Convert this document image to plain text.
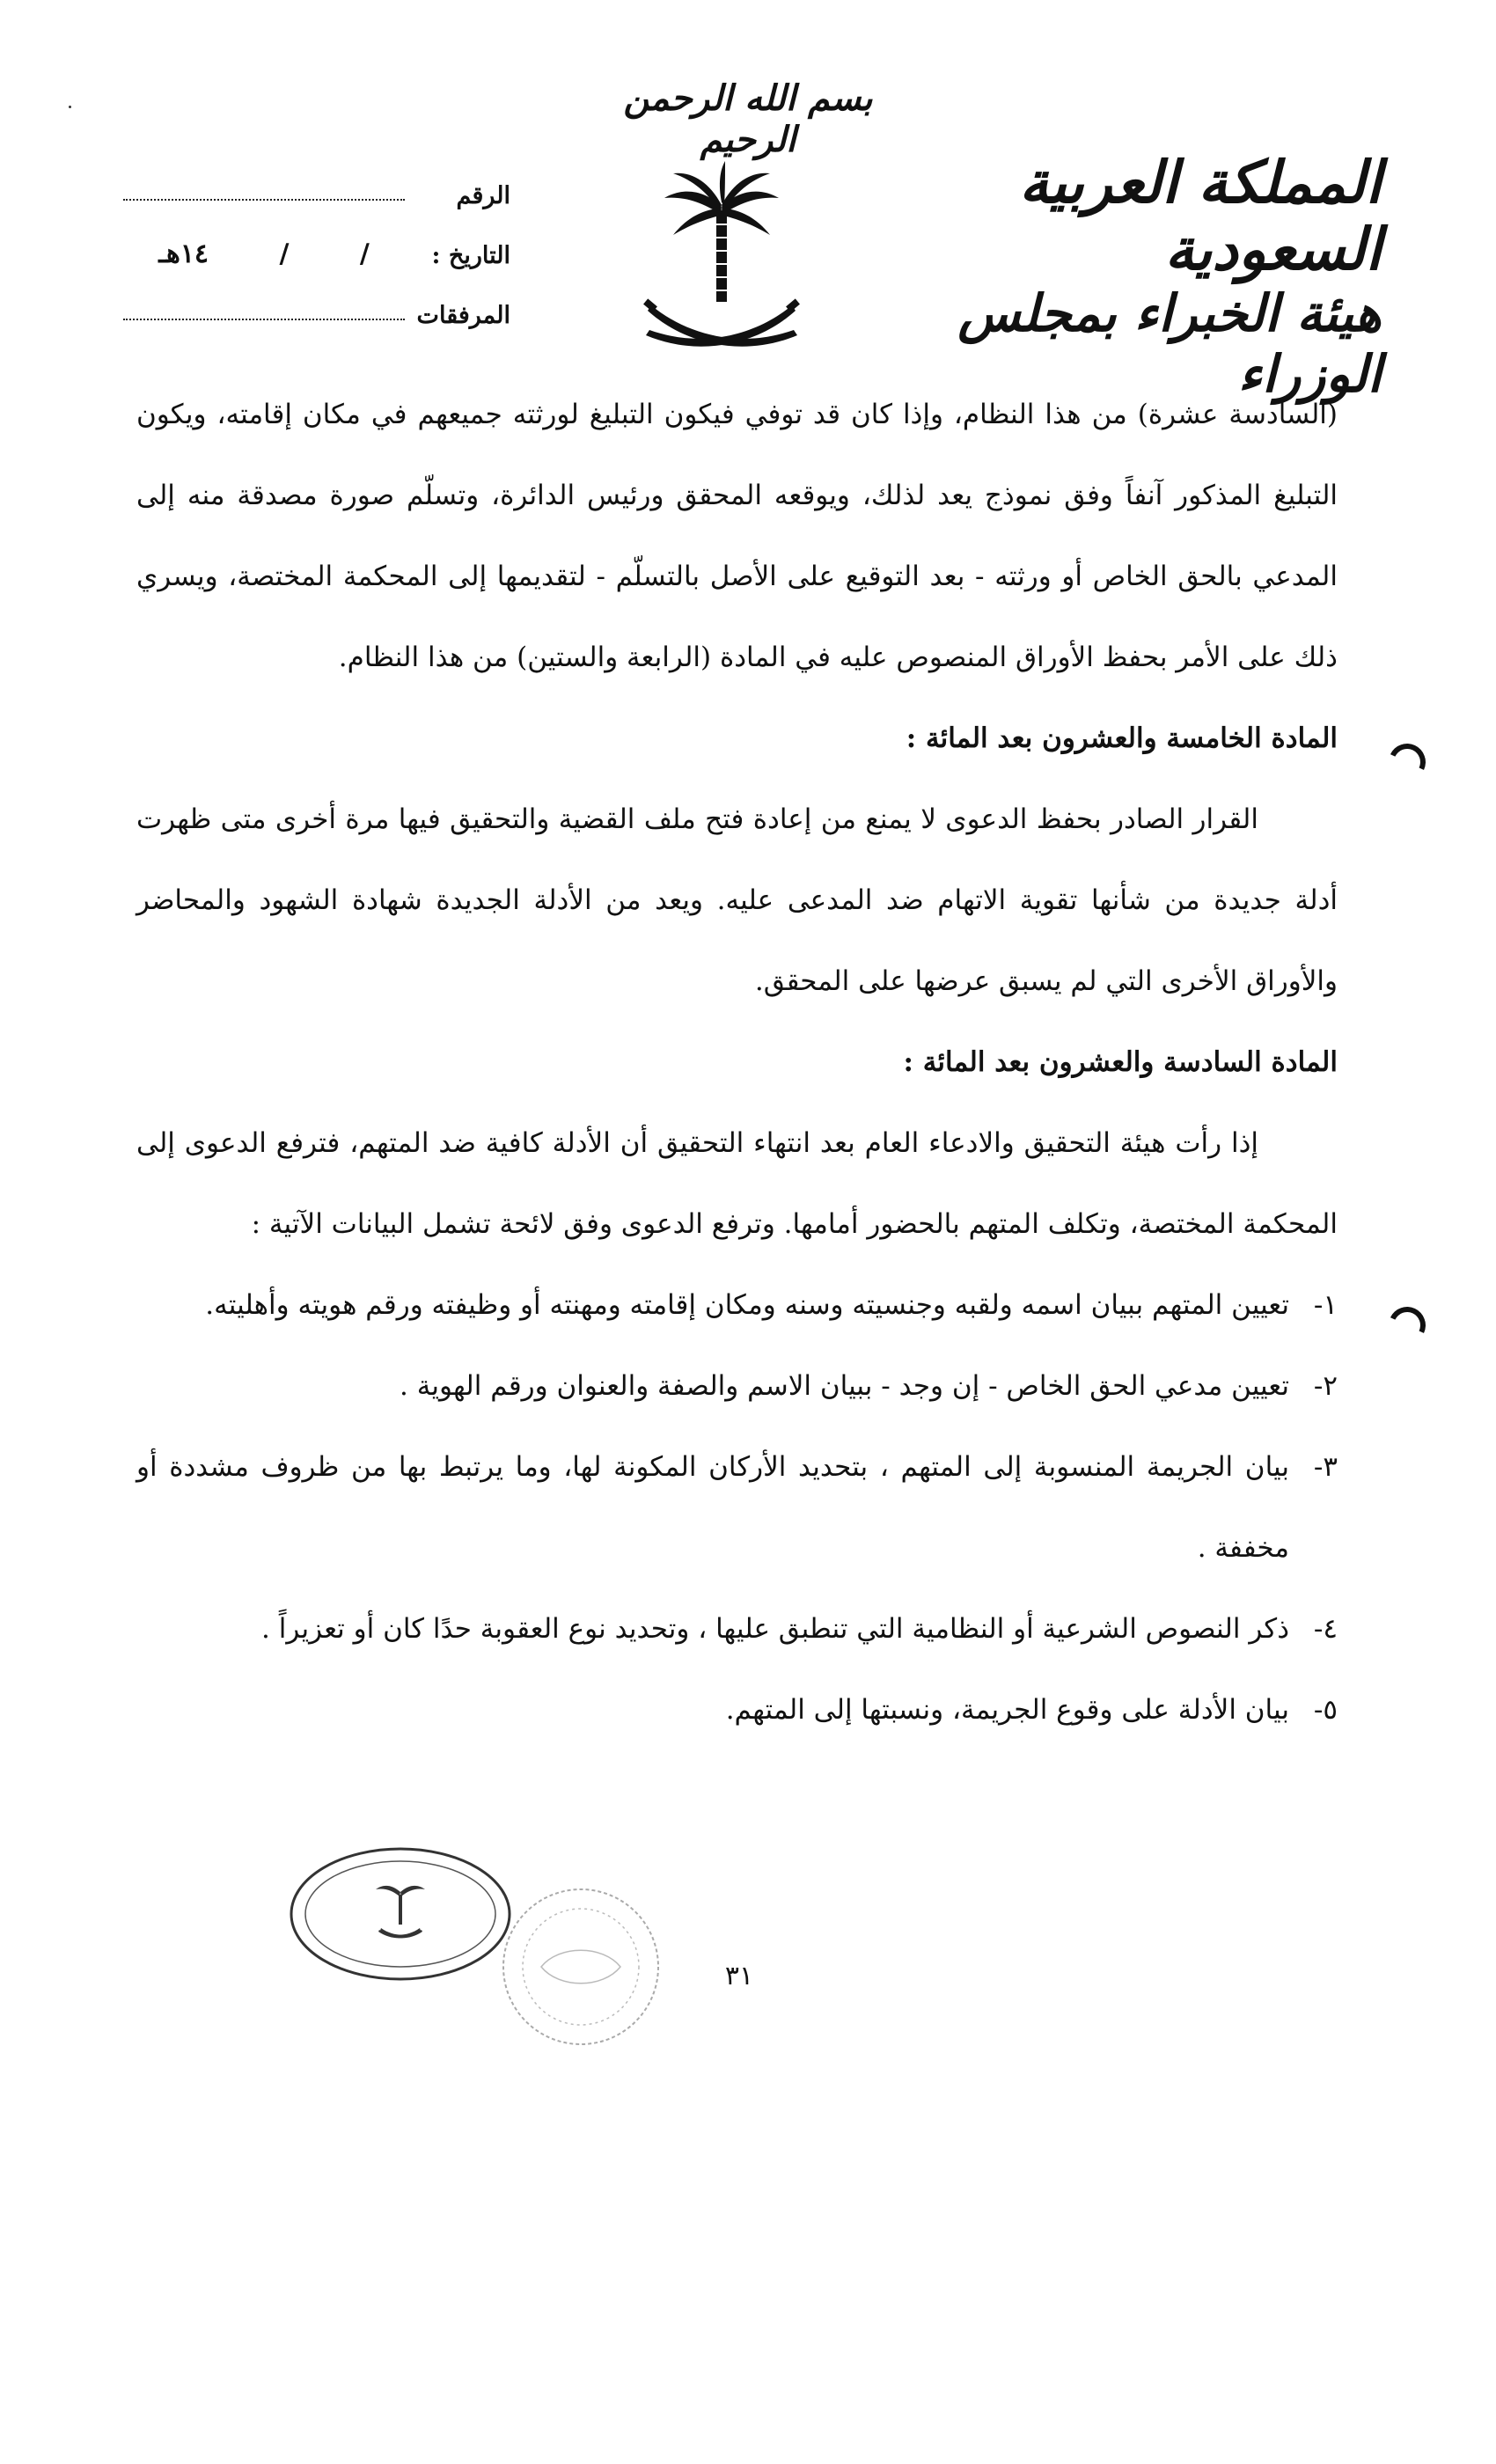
بسم الله الرحمن الرحيم
المملكة العربية السعودية
هيئة الخبراء بمجلس الوزراء
الرقم
التاريخ :
/
/
١٤هـ
المرفقات

(السادسة عشرة) من هذا النظام، وإذا كان قد توفي فيكون التبليغ لورثته جميعهم في مكان إقامته، ويكون التبليغ المذكور آنفاً وفق نموذج يعد لذلك، ويوقعه المحقق ورئيس الدائرة، وتسلّم صورة مصدقة منه إلى المدعي بالحق الخاص أو ورثته - بعد التوقيع على الأصل بالتسلّم - لتقديمها إلى المحكمة المختصة، ويسري ذلك على الأمر بحفظ الأوراق المنصوص عليه في المادة (الرابعة والستين) من هذا النظام.

المادة الخامسة والعشرون بعد المائة :

القرار الصادر بحفظ الدعوى لا يمنع من إعادة فتح ملف القضية والتحقيق فيها مرة أخرى متى ظهرت أدلة جديدة من شأنها تقوية الاتهام ضد المدعى عليه. ويعد من الأدلة الجديدة شهادة الشهود والمحاضر والأوراق الأخرى التي لم يسبق عرضها على المحقق.

المادة السادسة والعشرون بعد المائة :

إذا رأت هيئة التحقيق والادعاء العام بعد انتهاء التحقيق أن الأدلة كافية ضد المتهم، فترفع الدعوى إلى المحكمة المختصة، وتكلف المتهم بالحضور أمامها. وترفع الدعوى وفق لائحة تشمل البيانات الآتية :

١-
تعيين المتهم ببيان اسمه ولقبه وجنسيته وسنه ومكان إقامته ومهنته أو وظيفته ورقم هويته وأهليته.
٢-
تعيين مدعي الحق الخاص - إن وجد - ببيان الاسم والصفة والعنوان ورقم الهوية .
٣-
بيان الجريمة المنسوبة إلى المتهم ، بتحديد الأركان المكونة لها، وما يرتبط بها من ظروف مشددة أو مخففة .
٤-
ذكر النصوص الشرعية أو النظامية التي تنطبق عليها ، وتحديد نوع العقوبة حدًا كان أو تعزيراً .
٥-
بيان الأدلة على وقوع الجريمة، ونسبتها إلى المتهم.
٣١
